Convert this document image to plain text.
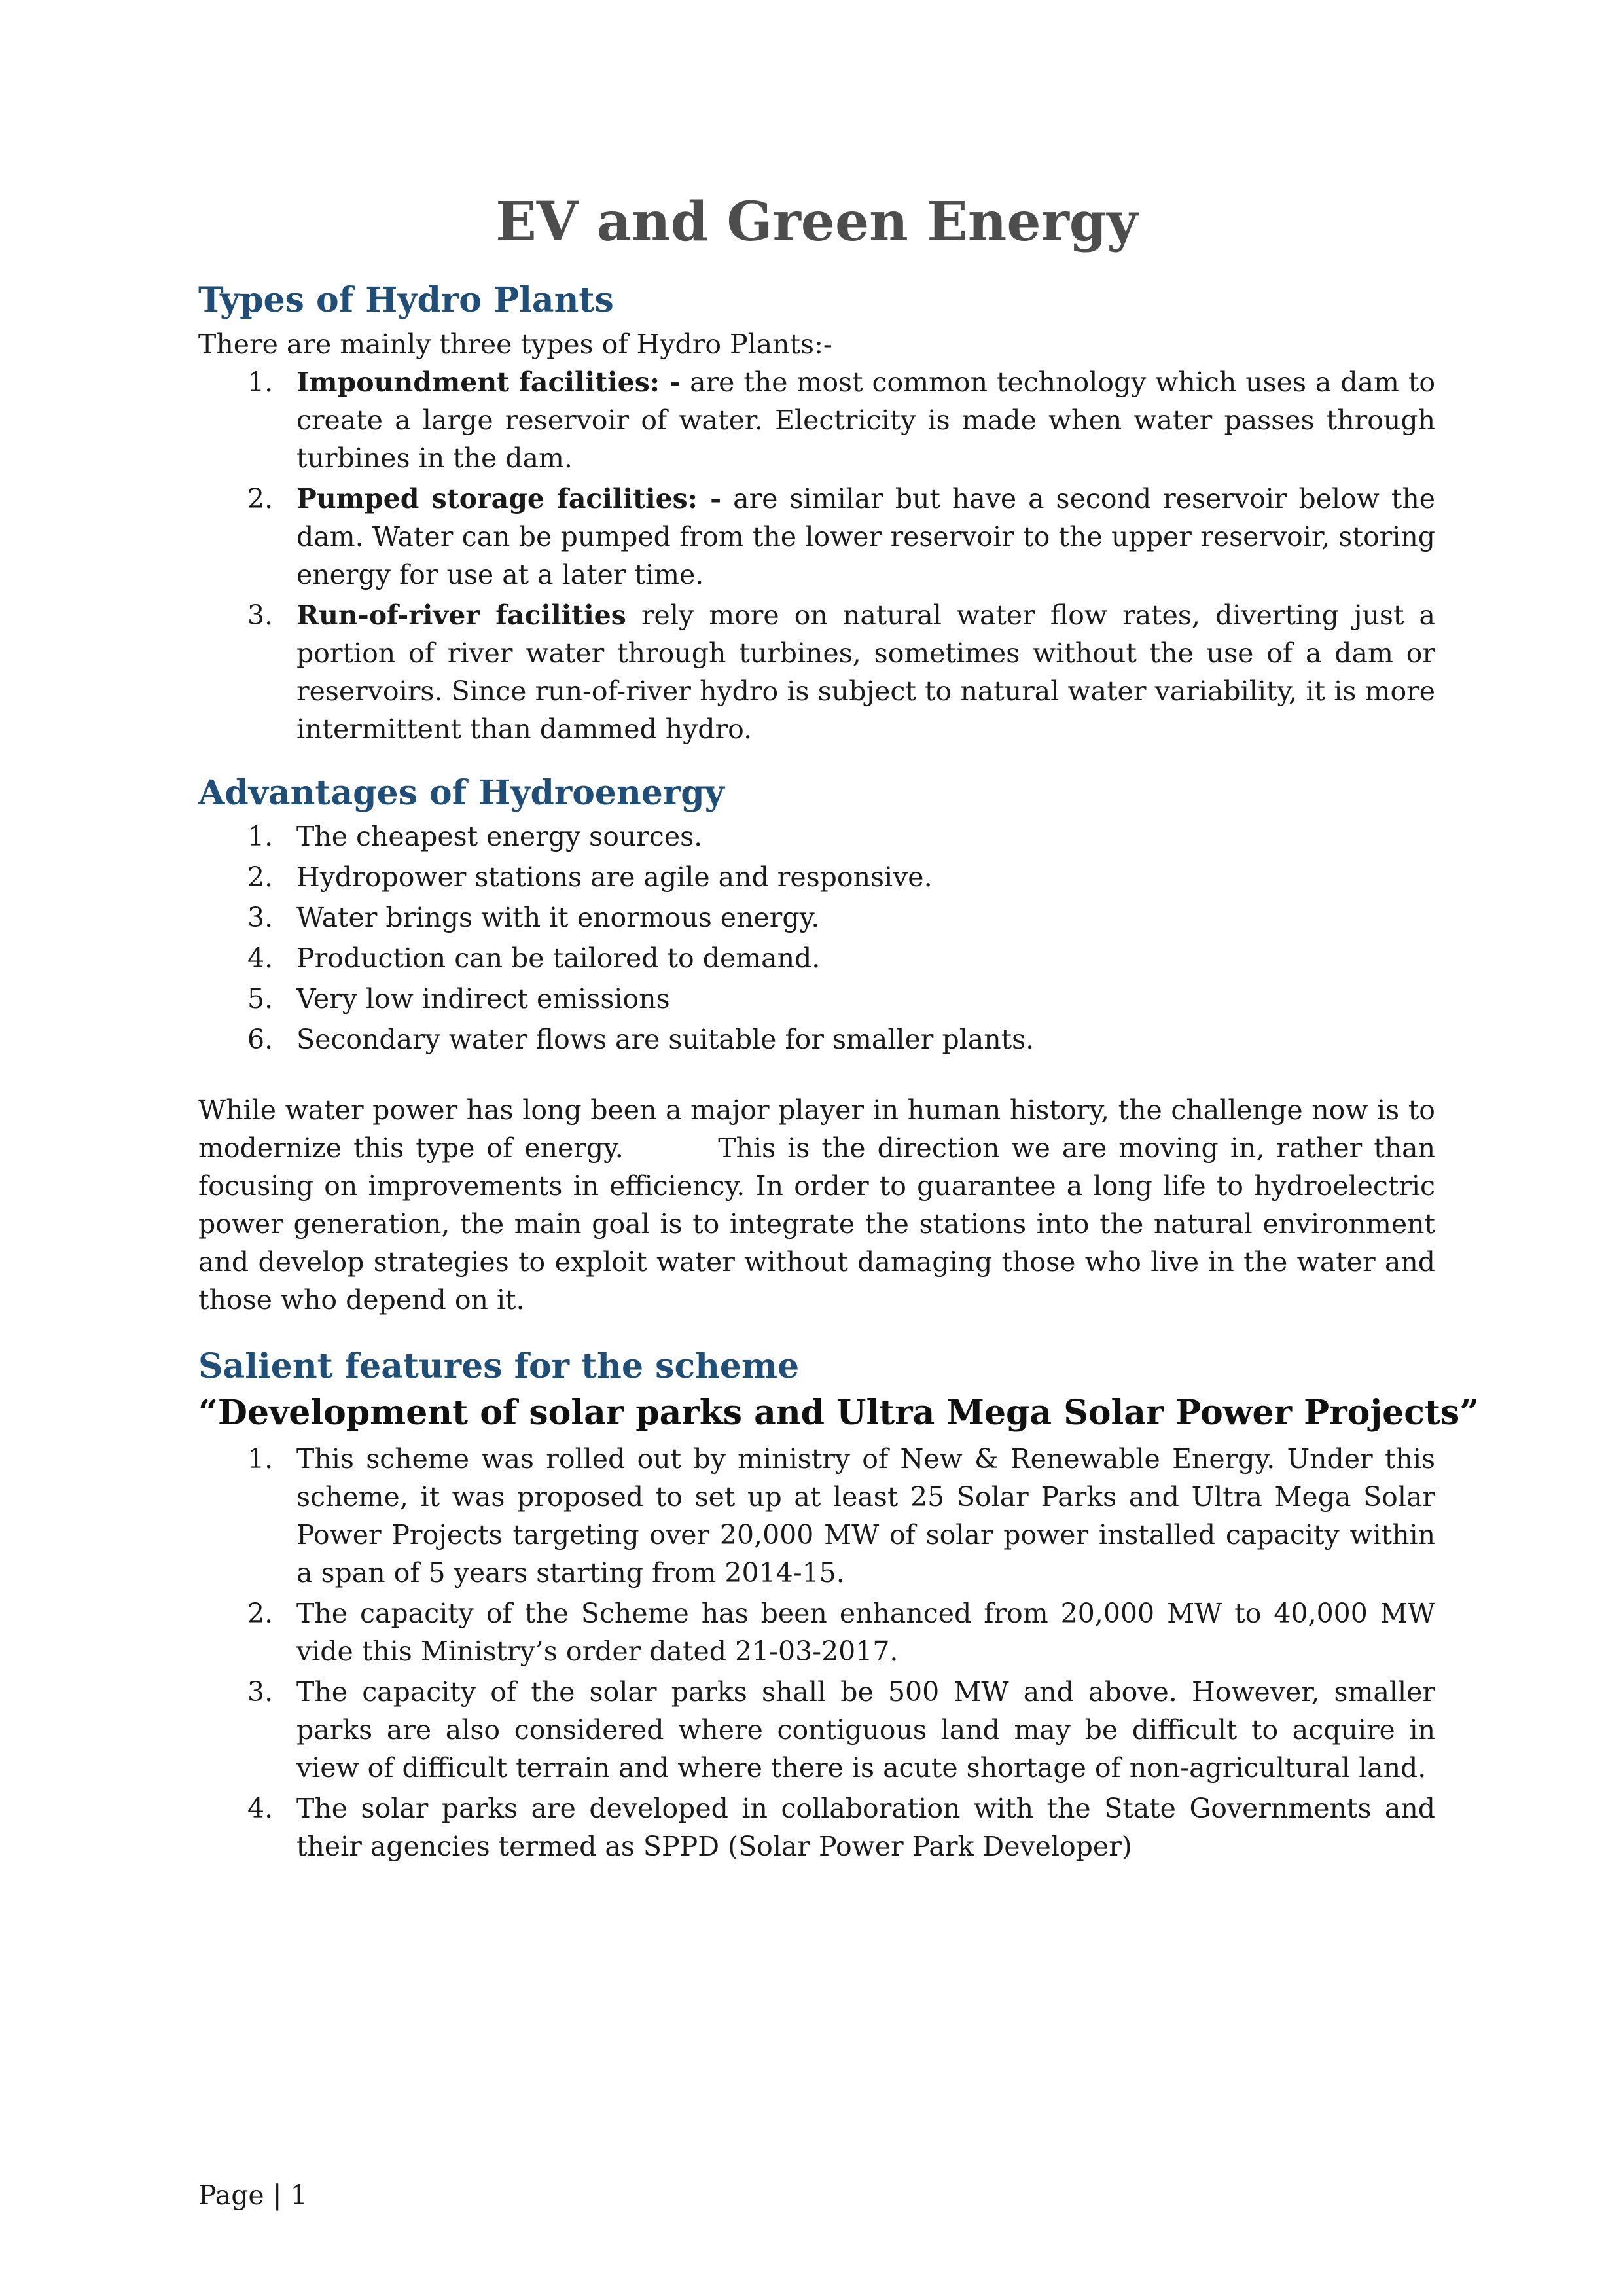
EV and Green Energy
Types of Hydro Plants

There are mainly three types of Hydro Plants:-

1. Impoundment facilities: - are the most common technology which uses a dam to create a large reservoir of water. Electricity is made when water passes through turbines in the dam.
2. Pumped storage facilities: - are similar but have a second reservoir below the dam. Water can be pumped from the lower reservoir to the upper reservoir, storing energy for use at a later time.
3. Run-of-river facilities rely more on natural water flow rates, diverting just a portion of river water through turbines, sometimes without the use of a dam or reservoirs. Since run-of-river hydro is subject to natural water variability, it is more intermittent than dammed hydro.
Advantages of Hydroenergy
1. The cheapest energy sources.
2. Hydropower stations are agile and responsive.
3. Water brings with it enormous energy.
4. Production can be tailored to demand.
5. Very low indirect emissions
6. Secondary water flows are suitable for smaller plants.

While water power has long been a major player in human history, the challenge now is to modernize this type of energy.        This is the direction we are moving in, rather than focusing on improvements in efficiency. In order to guarantee a long life to hydroelectric power generation, the main goal is to integrate the stations into the natural environment and develop strategies to exploit water without damaging those who live in the water and those who depend on it.

Salient features for the scheme
“Development of solar parks and Ultra Mega Solar Power Projects”
1. This scheme was rolled out by ministry of New & Renewable Energy. Under this scheme, it was proposed to set up at least 25 Solar Parks and Ultra Mega Solar Power Projects targeting over 20,000 MW of solar power installed capacity within a span of 5 years starting from 2014-15.
2. The capacity of the Scheme has been enhanced from 20,000 MW to 40,000 MW vide this Ministry’s order dated 21-03-2017.
3. The capacity of the solar parks shall be 500 MW and above. However, smaller parks are also considered where contiguous land may be difficult to acquire in view of difficult terrain and where there is acute shortage of non-agricultural land.
4. The solar parks are developed in collaboration with the State Governments and their agencies termed as SPPD (Solar Power Park Developer)
Page | 1
